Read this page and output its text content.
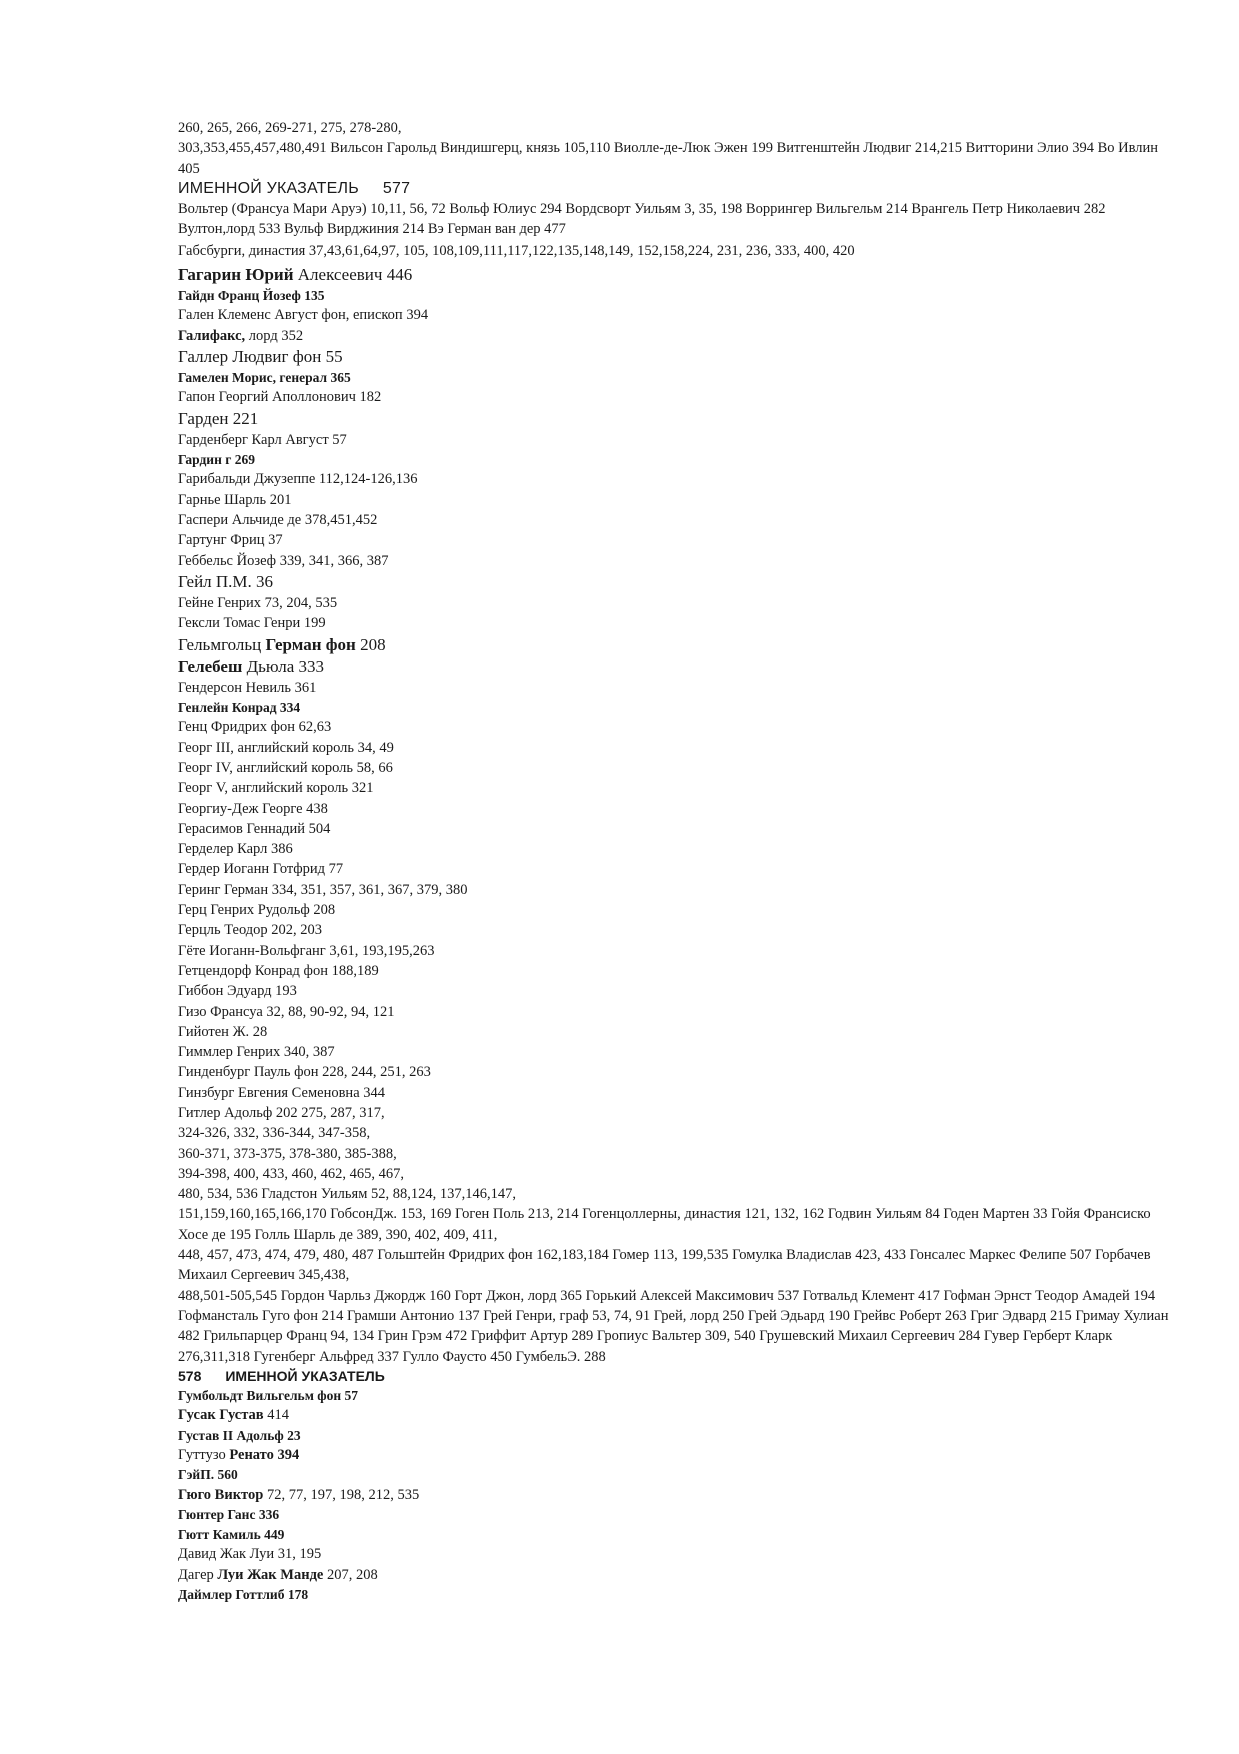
260, 265, 266, 269-271, 275, 278-280,
303,353,455,457,480,491 Вильсон Гарольд Виндишгерц, князь 105,110 Виолле-де-Люк Эжен 199 Витгенштейн Людвиг 214,215 Витторини Элио 394 Во Ивлин 405
ИМЕННОЙ УКАЗАТЕЛЬ 577
Вольтер (Франсуа Мари Аруэ) 10,11, 56, 72 Вольф Юлиус 294 Вордсворт Уильям 3, 35, 198 Воррингер Вильгельм 214 Врангель Петр Николаевич 282 Вултон,лорд 533 Вульф Вирджиния 214 Вэ Герман ван дер 477
Габсбурги, династия 37,43,61,64,97, 105, 108,109,111,117,122,135,148,149, 152,158,224, 231, 236, 333, 400, 420
Гагарин Юрий Алексеевич 446
Гайдн Франц Йозеф 135
Гален Клеменс Август фон, епископ 394
Галифакс, лорд 352
Галлер Людвиг фон 55
Гамелен Морис, генерал 365
Гапон Георгий Аполлонович 182
Гарден 221
Гарденберг Карл Август 57
Гардин г 269
Гарибальди Джузеппе 112,124-126,136
Гарнье Шарль 201
Гаспери Альчиде де 378,451,452
Гартунг Фриц 37
Геббельс Йозеф 339, 341, 366, 387
Гейл П.М. 36
Гейне Генрих 73, 204, 535
Гексли Томас Генри 199
Гельмгольц Герман фон 208
Гелебеш Дьюла 333
Гендерсон Невиль 361
Генлейн Конрад 334
Генц Фридрих фон 62,63
Георг III, английский король 34, 49
Георг IV, английский король 58, 66
Георг V, английский король 321
Георгиу-Деж Георге 438
Герасимов Геннадий 504
Герделер Карл 386
Гердер Иоганн Готфрид 77
Геринг Герман 334, 351, 357, 361, 367, 379, 380
Герц Генрих Рудольф 208
Герцль Теодор 202, 203
Гёте Иоганн-Вольфганг 3,61, 193,195,263
Гетцендорф Конрад фон 188,189
Гиббон Эдуард 193
Гизо Франсуа 32, 88, 90-92, 94, 121
Гийотен Ж. 28
Гиммлер Генрих 340, 387
Гинденбург Пауль фон 228, 244, 251, 263
Гинзбург Евгения Семеновна 344
Гитлер Адольф 202 275, 287, 317,
324-326, 332, 336-344, 347-358,
360-371, 373-375, 378-380, 385-388,
394-398, 400, 433, 460, 462, 465, 467,
480, 534, 536 Гладстон Уильям 52, 88,124, 137,146,147,
151,159,160,165,166,170 ГобсонДж. 153, 169 Гоген Поль 213, 214 Гогенцоллерны, династия 121, 132, 162 Годвин Уильям 84 Годен Мартен 33 Гойя Франсиско Хосе де 195 Голль Шарль де 389, 390, 402, 409, 411,
448, 457, 473, 474, 479, 480, 487 Гольштейн Фридрих фон 162,183,184 Гомер 113, 199,535 Гомулка Владислав 423, 433 Гонсалес Маркес Фелипе 507 Горбачев Михаил Сергеевич 345,438,
488,501-505,545 Гордон Чарльз Джордж 160 Горт Джон, лорд 365 Горький Алексей Максимович 537 Готвальд Клемент 417 Гофман Эрнст Теодор Амадей 194 Гофмансталь Гуго фон 214 Грамши Антонио 137 Грей Генри, граф 53, 74, 91 Грей, лорд 250 Грей Эдьард 190 Грейвс Роберт 263 Григ Эдвард 215 Гримау Хулиан 482 Грильпарцер Франц 94, 134 Грин Грэм 472 Гриффит Артур 289 Гропиус Вальтер 309, 540 Грушевский Михаил Сергеевич 284 Гувер Герберт Кларк 276,311,318 Гугенберг Альфред 337 Гулло Фаусто 450 ГумбельЭ. 288
578 ИМЕННОЙ УКАЗАТЕЛЬ
Гумбольдт Вильгельм фон 57
Гусак Густав 414
Густав II Адольф 23
Гуттузо Ренато 394
ГэйП. 560
Гюго Виктор 72, 77, 197, 198, 212, 535
Гюнтер Ганс 336
Гютт Камиль 449
Давид Жак Луи 31, 195
Дагер Луи Жак Манде 207, 208
Даймлер Готтлиб 178
